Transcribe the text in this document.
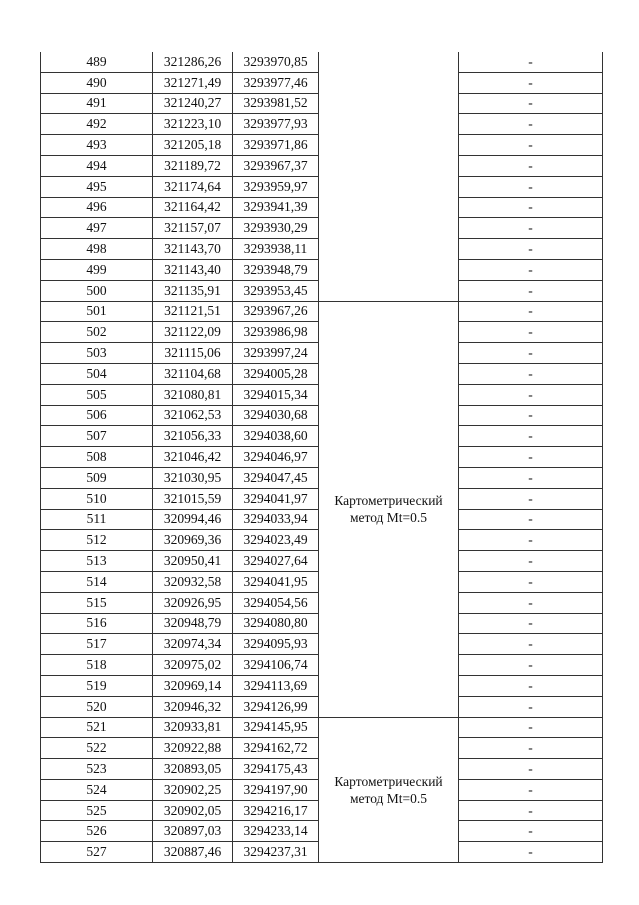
489	321286,26	3293970,85		-
490	321271,49	3293977,46		-
491	321240,27	3293981,52		-
492	321223,10	3293977,93		-
493	321205,18	3293971,86		-
494	321189,72	3293967,37		-
495	321174,64	3293959,97		-
496	321164,42	3293941,39		-
497	321157,07	3293930,29		-
498	321143,70	3293938,11		-
499	321143,40	3293948,79		-
500	321135,91	3293953,45		-
501	321121,51	3293967,26	Картометрический метод Mt=0.5	-
502	321122,09	3293986,98		-
503	321115,06	3293997,24		-
504	321104,68	3294005,28		-
505	321080,81	3294015,34		-
506	321062,53	3294030,68		-
507	321056,33	3294038,60		-
508	321046,42	3294046,97		-
509	321030,95	3294047,45		-
510	321015,59	3294041,97		-
511	320994,46	3294033,94		-
512	320969,36	3294023,49		-
513	320950,41	3294027,64		-
514	320932,58	3294041,95		-
515	320926,95	3294054,56		-
516	320948,79	3294080,80		-
517	320974,34	3294095,93		-
518	320975,02	3294106,74		-
519	320969,14	3294113,69		-
520	320946,32	3294126,99		-
521	320933,81	3294145,95	Картометрический метод Mt=0.5	-
522	320922,88	3294162,72		-
523	320893,05	3294175,43		-
524	320902,25	3294197,90		-
525	320902,05	3294216,17		-
526	320897,03	3294233,14		-
527	320887,46	3294237,31		-
